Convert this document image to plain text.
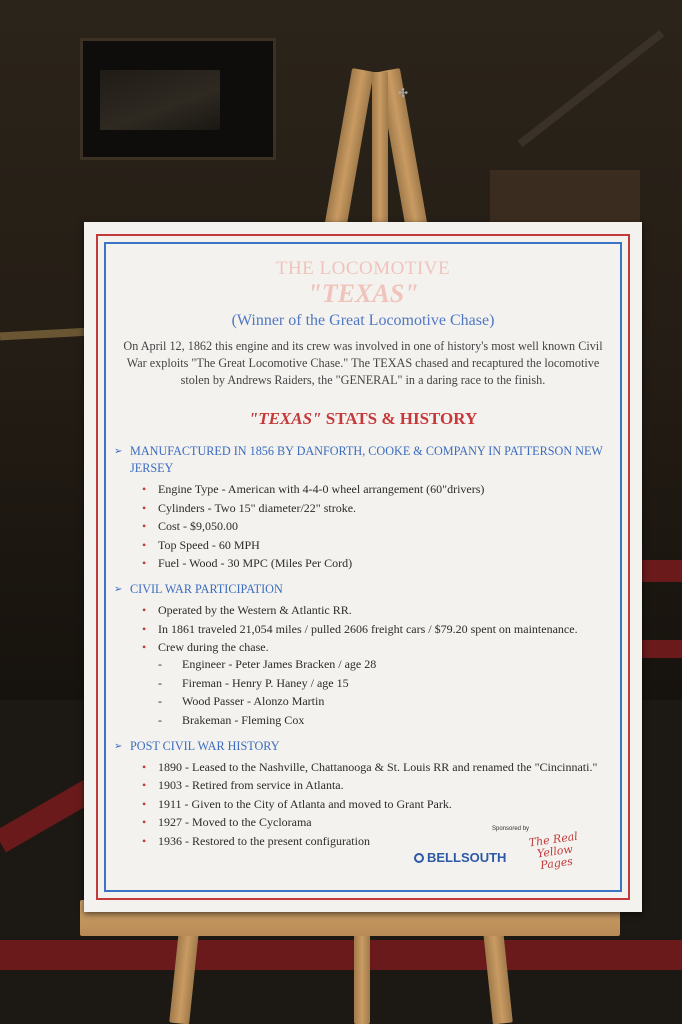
✣

THE LOCOMOTIVE

"TEXAS"

(Winner of the Great Locomotive Chase)

On April 12, 1862 this engine and its crew was involved in one of history's most well known Civil War exploits "The Great Locomotive Chase." The TEXAS chased and recaptured the locomotive stolen by Andrews Raiders, the "GENERAL" in a daring race to the finish.

"TEXAS" STATS & HISTORY

➢ MANUFACTURED IN 1856 BY DANFORTH, COOKE & COMPANY IN PATTERSON NEW JERSEY

• Engine Type - American with 4-4-0 wheel arrangement (60"drivers)
• Cylinders - Two 15" diameter/22" stroke.
• Cost - $9,050.00
• Top Speed - 60 MPH
• Fuel - Wood - 30 MPC (Miles Per Cord)

➢ CIVIL WAR PARTICIPATION

• Operated by the Western & Atlantic RR.
• In 1861 traveled 21,054 miles / pulled 2606 freight cars / $79.20 spent on maintenance.
• Crew during the chase.
- Engineer - Peter James Bracken / age 28
- Fireman - Henry P. Haney / age 15
- Wood Passer - Alonzo Martin
- Brakeman - Fleming Cox

➢ POST CIVIL WAR HISTORY

• 1890 - Leased to the Nashville, Chattanooga & St. Louis RR and renamed the "Cincinnati."
• 1903 - Retired from service in Atlanta.
• 1911 - Given to the City of Atlanta and moved to Grant Park.
• 1927 - Moved to the Cyclorama
• 1936 - Restored to the present configuration
Sponsored by
BELLSOUTH
The Real Yellow Pages
